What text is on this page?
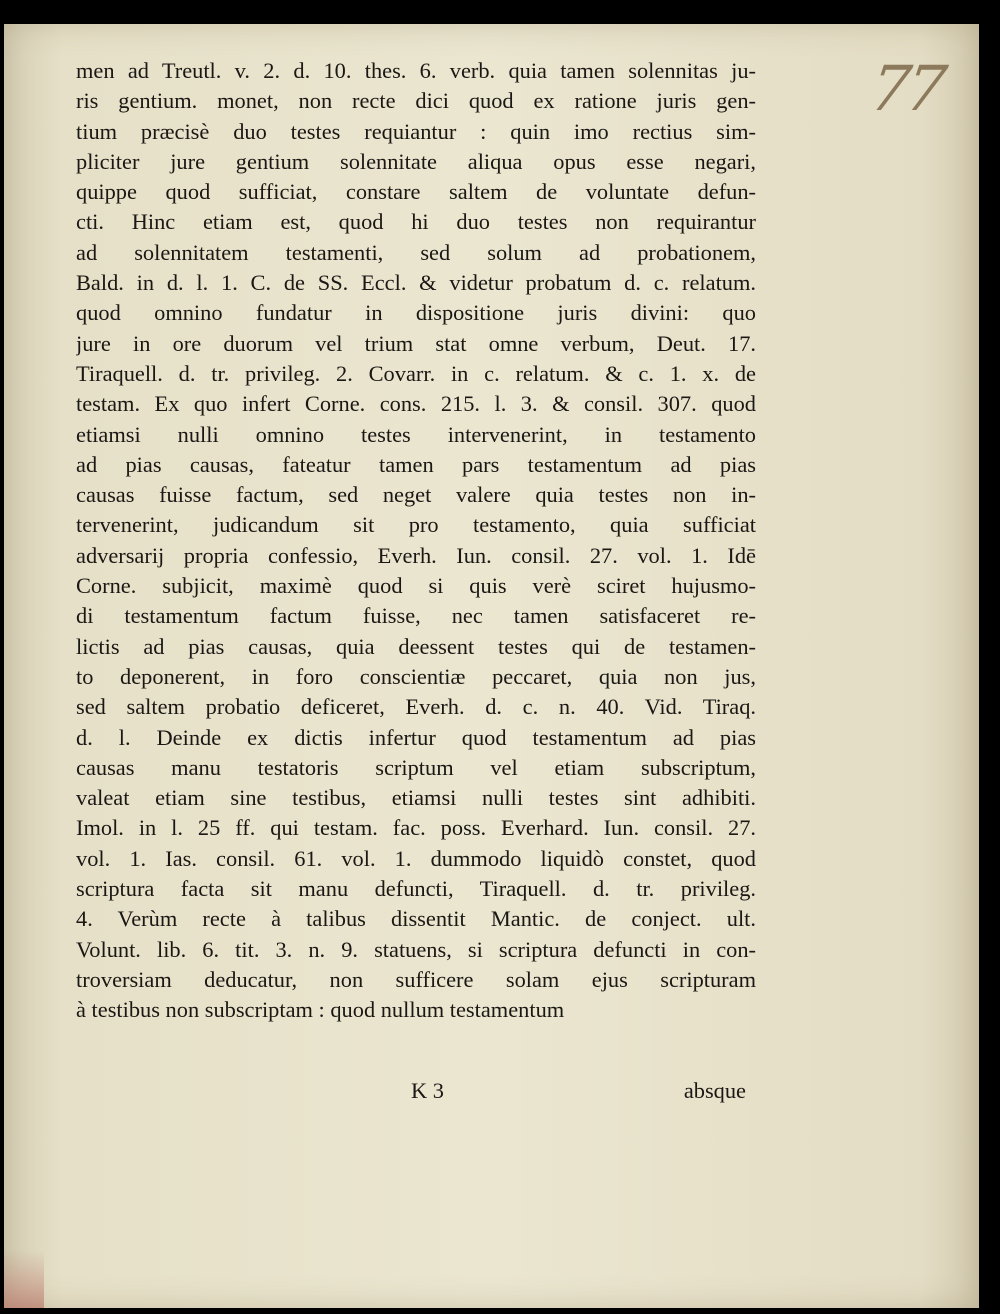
77
men ad Treutl. v. 2. d. 10. thes. 6. verb. quia tamen solennitas ju-
ris gentium. monet, non recte dici quod ex ratione juris gen-
tium præcisè duo testes requiantur : quin imo rectius sim-
pliciter jure gentium solennitate aliqua opus esse negari,
quippe quod sufficiat, constare saltem de voluntate defun-
cti. Hinc etiam est, quod hi duo testes non requirantur
ad solennitatem testamenti, sed solum ad probationem,
Bald. in d. l. 1. C. de SS. Eccl. & videtur probatum d. c. relatum.
quod omnino fundatur in dispositione juris divini: quo
jure in ore duorum vel trium stat omne verbum, Deut. 17.
Tiraquell. d. tr. privileg. 2. Covarr. in c. relatum. & c. 1. x. de
testam. Ex quo infert Corne. cons. 215. l. 3. & consil. 307. quod
etiamsi nulli omnino testes intervenerint, in testamento
ad pias causas, fateatur tamen pars testamentum ad pias
causas fuisse factum, sed neget valere quia testes non in-
tervenerint, judicandum sit pro testamento, quia sufficiat
adversarij propria confessio, Everh. Iun. consil. 27. vol. 1. Idē
Corne. subjicit, maximè quod si quis verè sciret hujusmo-
di testamentum factum fuisse, nec tamen satisfaceret re-
lictis ad pias causas, quia deessent testes qui de testamen-
to deponerent, in foro conscientiæ peccaret, quia non jus,
sed saltem probatio deficeret, Everh. d. c. n. 40. Vid. Tiraq.
d. l. Deinde ex dictis infertur quod testamentum ad pias
causas manu testatoris scriptum vel etiam subscriptum,
valeat etiam sine testibus, etiamsi nulli testes sint adhibiti.
Imol. in l. 25 ff. qui testam. fac. poss. Everhard. Iun. consil. 27.
vol. 1. Ias. consil. 61. vol. 1. dummodo liquidò constet, quod
scriptura facta sit manu defuncti, Tiraquell. d. tr. privileg.
4. Verùm recte à talibus dissentit Mantic. de conject. ult.
Volunt. lib. 6. tit. 3. n. 9. statuens, si scriptura defuncti in con-
troversiam deducatur, non sufficere solam ejus scripturam
à testibus non subscriptam : quod nullum testamentum
K 3	absque
